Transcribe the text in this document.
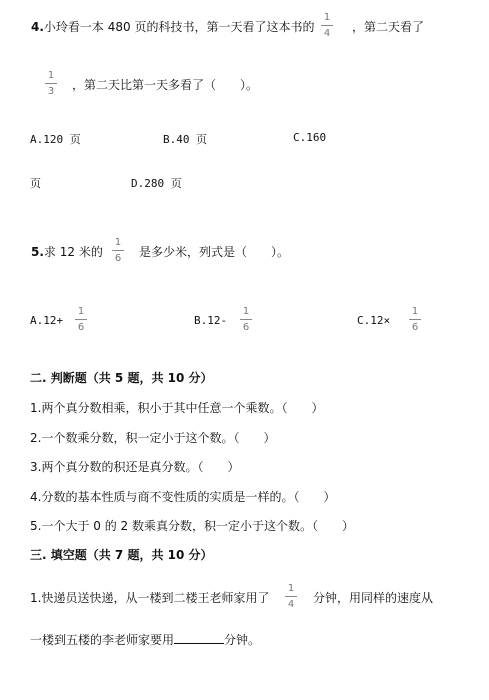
4.小玲看一本 480 页的科技书，第一天看了这本书的
1
4	，第二天看了
1
3	，第二天比第一天多看了（　　）。
A.120 页	B.40 页	C.160
页	D.280 页
5.求 12 米的
1
6	是多少米，列式是（　　）。
A.12+
1
6
B.12-
1
6
C.12×
1
6
二. 判断题（共 5 题，共 10 分）
1.两个真分数相乘，积小于其中任意一个乘数。（　　）
2.一个数乘分数，积一定小于这个数。（　　）
3.两个真分数的积还是真分数。（　　）
4.分数的基本性质与商不变性质的实质是一样的。（　　）
5.一个大于 0 的 2 数乘真分数，积一定小于这个数。（　　）
三. 填空题（共 7 题，共 10 分）
1.快递员送快递，从一楼到二楼王老师家用了
1
4	分钟，用同样的速度从
一楼到五楼的李老师家要用	分钟。
